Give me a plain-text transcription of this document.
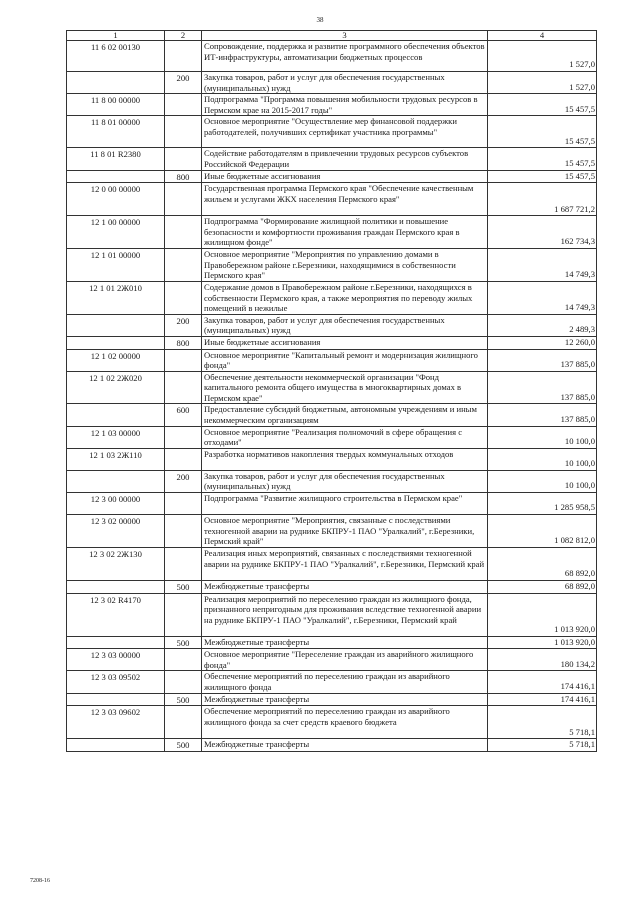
38
1	2	3	4
11 6 02 00130		Сопровождение, поддержка и развитие программного обеспечения объектов ИТ-инфраструктуры, автоматизации бюджетных процессов	1 527,0
	200	Закупка товаров, работ и услуг для обеспечения государственных (муниципальных) нужд	1 527,0
11 8 00 00000		Подпрограмма "Программа повышения мобильности трудовых ресурсов в Пермском крае на 2015-2017 годы"	15 457,5
11 8 01 00000		Основное мероприятие "Осуществление мер финансовой поддержки работодателей, получивших сертификат участника программы"	15 457,5
11 8 01 R2380		Содействие работодателям в привлечении трудовых ресурсов субъектов Российской Федерации	15 457,5
	800	Иные бюджетные ассигнования	15 457,5
12 0 00 00000		Государственная программа Пермского края "Обеспечение качественным жильем и услугами ЖКХ населения Пермского края"	1 687 721,2
12 1 00 00000		Подпрограмма "Формирование жилищной политики и повышение безопасности и комфортности проживания граждан Пермского края в жилищном фонде"	162 734,3
12 1 01 00000		Основное мероприятие "Мероприятия по управлению домами в Правобережном районе г.Березники, находящимися в собственности Пермского края"	14 749,3
12 1 01 2Ж010		Содержание домов в Правобережном районе г.Березники, находящихся в собственности Пермского края, а также мероприятия по переводу жилых помещений в нежилые	14 749,3
	200	Закупка товаров, работ и услуг для обеспечения государственных (муниципальных) нужд	2 489,3
	800	Иные бюджетные ассигнования	12 260,0
12 1 02 00000		Основное мероприятие "Капитальный ремонт и модернизация жилищного фонда"	137 885,0
12 1 02 2Ж020		Обеспечение деятельности некоммерческой организации "Фонд капитального ремонта общего имущества в многоквартирных домах в Пермском крае"	137 885,0
	600	Предоставление субсидий бюджетным, автономным учреждениям и иным некоммерческим организациям	137 885,0
12 1 03 00000		Основное мероприятие "Реализация полномочий в сфере обращения с отходами"	10 100,0
12 1 03 2Ж110		Разработка нормативов накопления твердых коммунальных отходов	10 100,0
	200	Закупка товаров, работ и услуг для обеспечения государственных (муниципальных) нужд	10 100,0
12 3 00 00000		Подпрограмма "Развитие жилищного строительства в Пермском крае"	1 285 958,5
12 3 02 00000		Основное мероприятие "Мероприятия, связанные с последствиями техногенной аварии на руднике БКПРУ-1 ПАО "Уралкалий", г.Березники, Пермский край"	1 082 812,0
12 3 02 2Ж130		Реализация иных мероприятий, связанных с последствиями техногенной аварии на руднике БКПРУ-1 ПАО "Уралкалий", г.Березники, Пермский край	68 892,0
	500	Межбюджетные трансферты	68 892,0
12 3 02 R4170		Реализация мероприятий по переселению граждан из жилищного фонда, признанного непригодным для проживания вследствие техногенной аварии на руднике БКПРУ-1 ПАО "Уралкалий", г.Березники, Пермский край	1 013 920,0
	500	Межбюджетные трансферты	1 013 920,0
12 3 03 00000		Основное мероприятие "Переселение граждан из аварийного жилищного фонда"	180 134,2
12 3 03 09502		Обеспечение мероприятий по переселению граждан из аварийного жилищного фонда	174 416,1
	500	Межбюджетные трансферты	174 416,1
12 3 03 09602		Обеспечение мероприятий по переселению граждан из аварийного жилищного фонда за счет средств краевого бюджета	5 718,1
	500	Межбюджетные трансферты	5 718,1
7208-16
